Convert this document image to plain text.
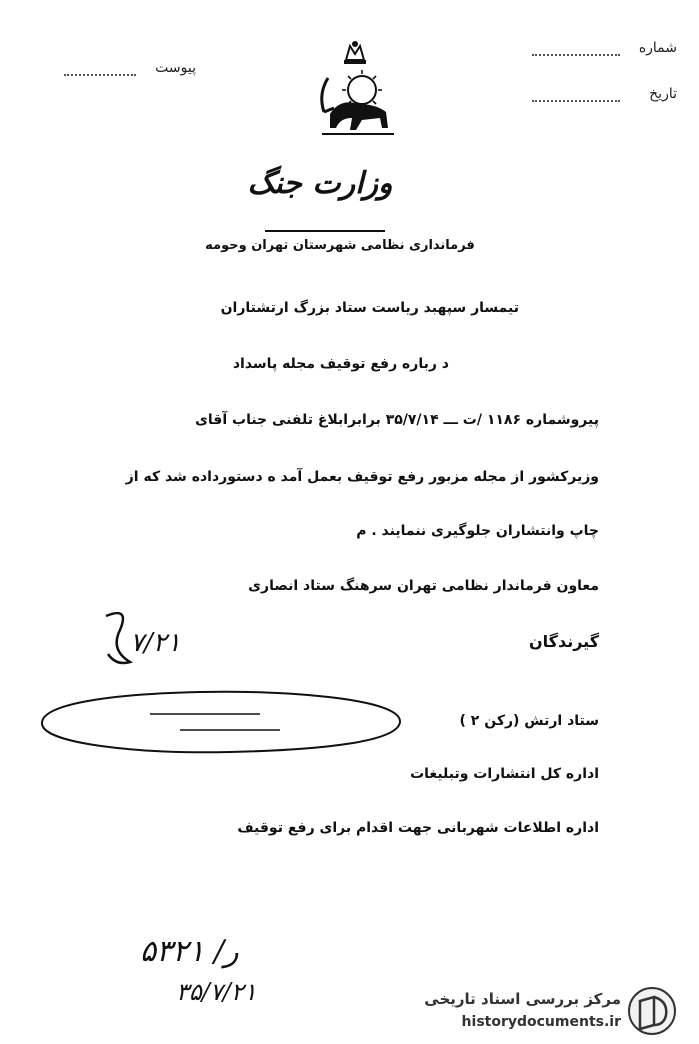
شماره
تاريخ
پيوست
وزارت جنگ
فرمانداری نظامی شهرستان تهران وحومه
تیمسار سپهبد ریاست ستاد بزرگ ارتشتاران
د رباره رفع توقیف مجله پاسداد
پیروشماره ۱۱۸۶ /ت ـــ ۳۵/۷/۱۴ برابرابلاغ تلفنی جناب آقای
وزیرکشور از مجله مزبور رفع توقیف بعمل آمد ه دستورداده شد که از
چاپ وانتشاران جلوگیری ننمایند . م
معاون فرماندار نظامی تهران سرهنگ ستاد انصاری
۷/۲۱	گیرندگان
ستاد ارتش (رکن ۲ )
اداره کل انتشارات وتبلیغات
اداره اطلاعات شهربانی جهت اقدام برای رفع توقیف
۵۳۲۱ /ر
۳۵/۷/۲۱	مرکز بررسی اسناد تاریخی
historydocuments.ir
